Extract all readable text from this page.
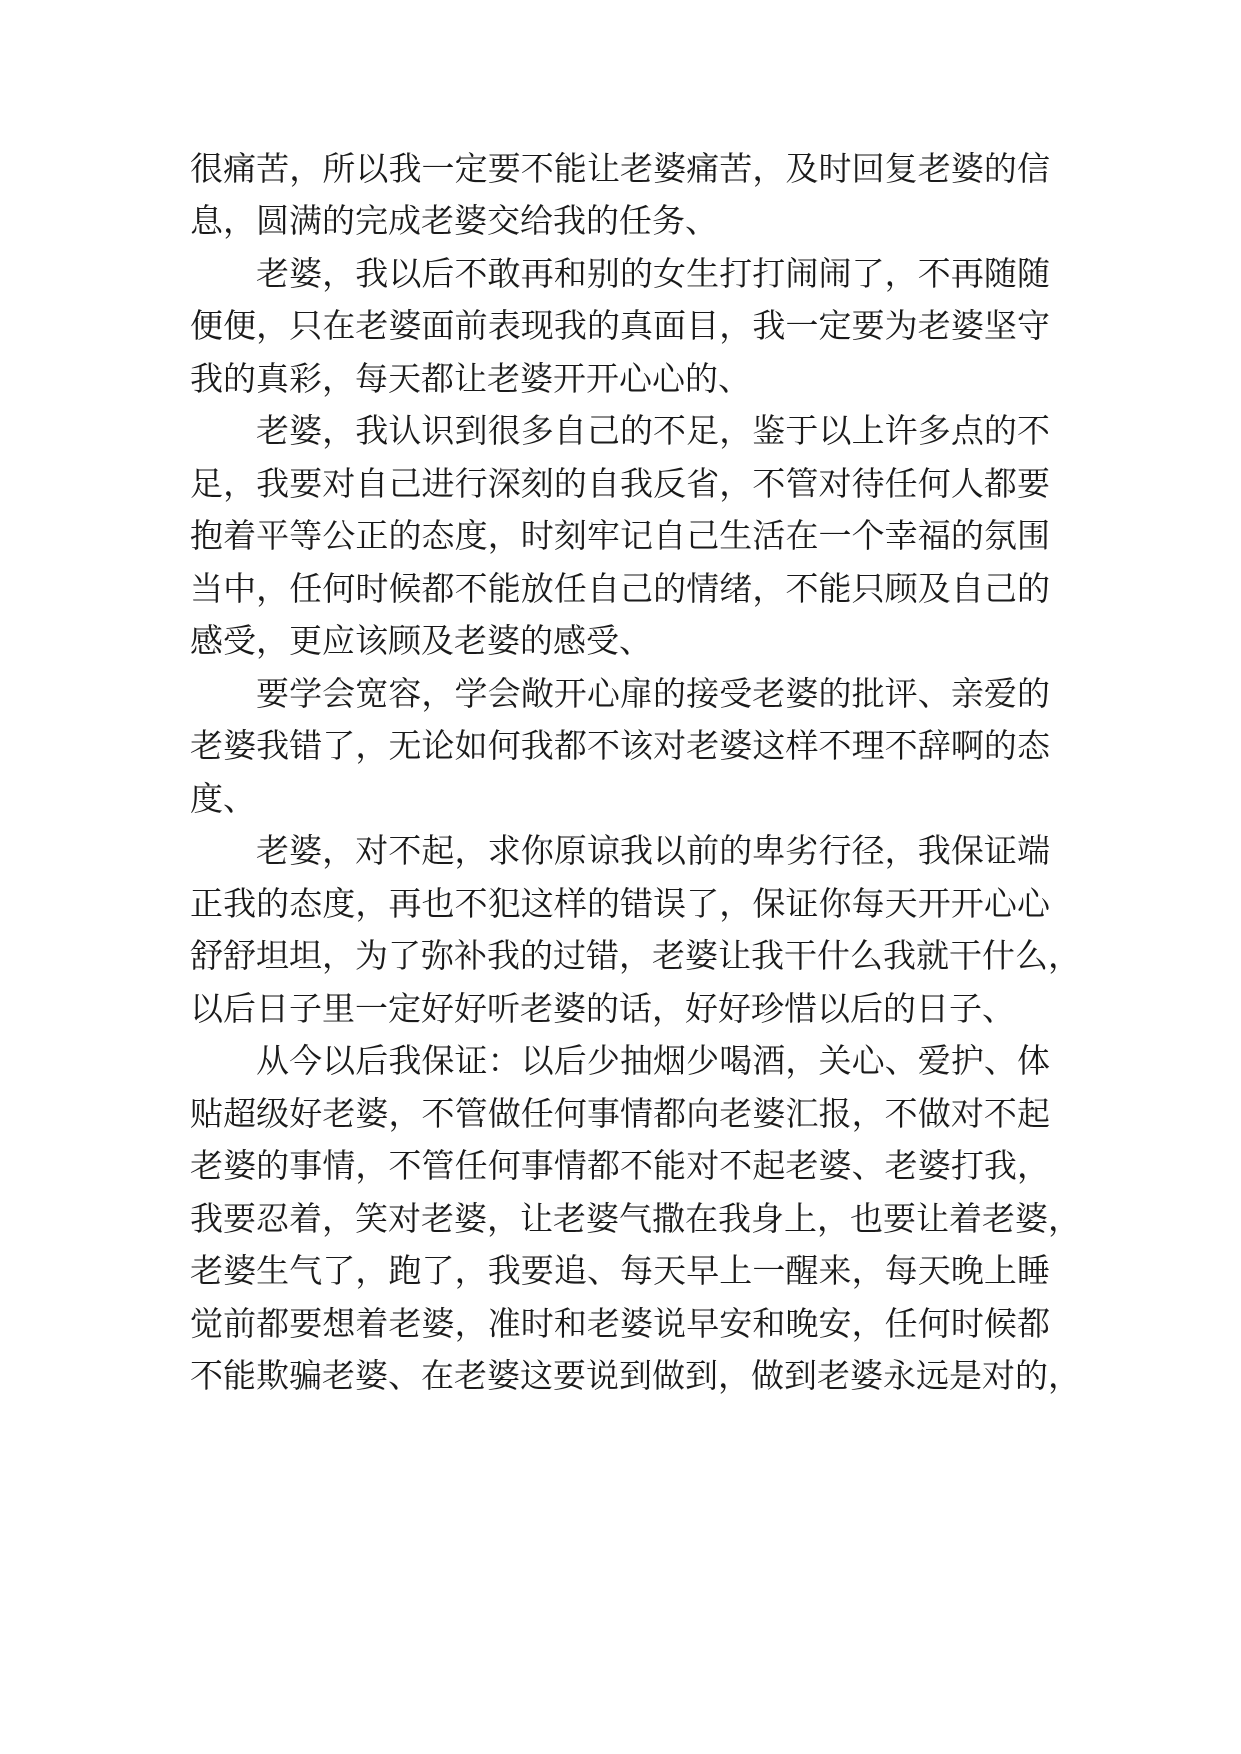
很痛苦，所以我一定要不能让老婆痛苦，及时回复老婆的信
息，圆满的完成老婆交给我的任务、
老婆，我以后不敢再和别的女生打打闹闹了，不再随随
便便，只在老婆面前表现我的真面目，我一定要为老婆坚守
我的真彩，每天都让老婆开开心心的、
老婆，我认识到很多自己的不足，鉴于以上许多点的不
足，我要对自己进行深刻的自我反省，不管对待任何人都要
抱着平等公正的态度，时刻牢记自己生活在一个幸福的氛围
当中，任何时候都不能放任自己的情绪，不能只顾及自己的
感受，更应该顾及老婆的感受、
要学会宽容，学会敞开心扉的接受老婆的批评、亲爱的
老婆我错了，无论如何我都不该对老婆这样不理不辞啊的态
度、
老婆，对不起，求你原谅我以前的卑劣行径，我保证端
正我的态度，再也不犯这样的错误了，保证你每天开开心心
舒舒坦坦，为了弥补我的过错，老婆让我干什么我就干什么，
以后日子里一定好好听老婆的话，好好珍惜以后的日子、
从今以后我保证：以后少抽烟少喝酒，关心、爱护、体
贴超级好老婆，不管做任何事情都向老婆汇报，不做对不起
老婆的事情，不管任何事情都不能对不起老婆、老婆打我，
我要忍着，笑对老婆，让老婆气撒在我身上，也要让着老婆，
老婆生气了，跑了，我要追、每天早上一醒来，每天晚上睡
觉前都要想着老婆，准时和老婆说早安和晚安，任何时候都
不能欺骗老婆、在老婆这要说到做到，做到老婆永远是对的，
